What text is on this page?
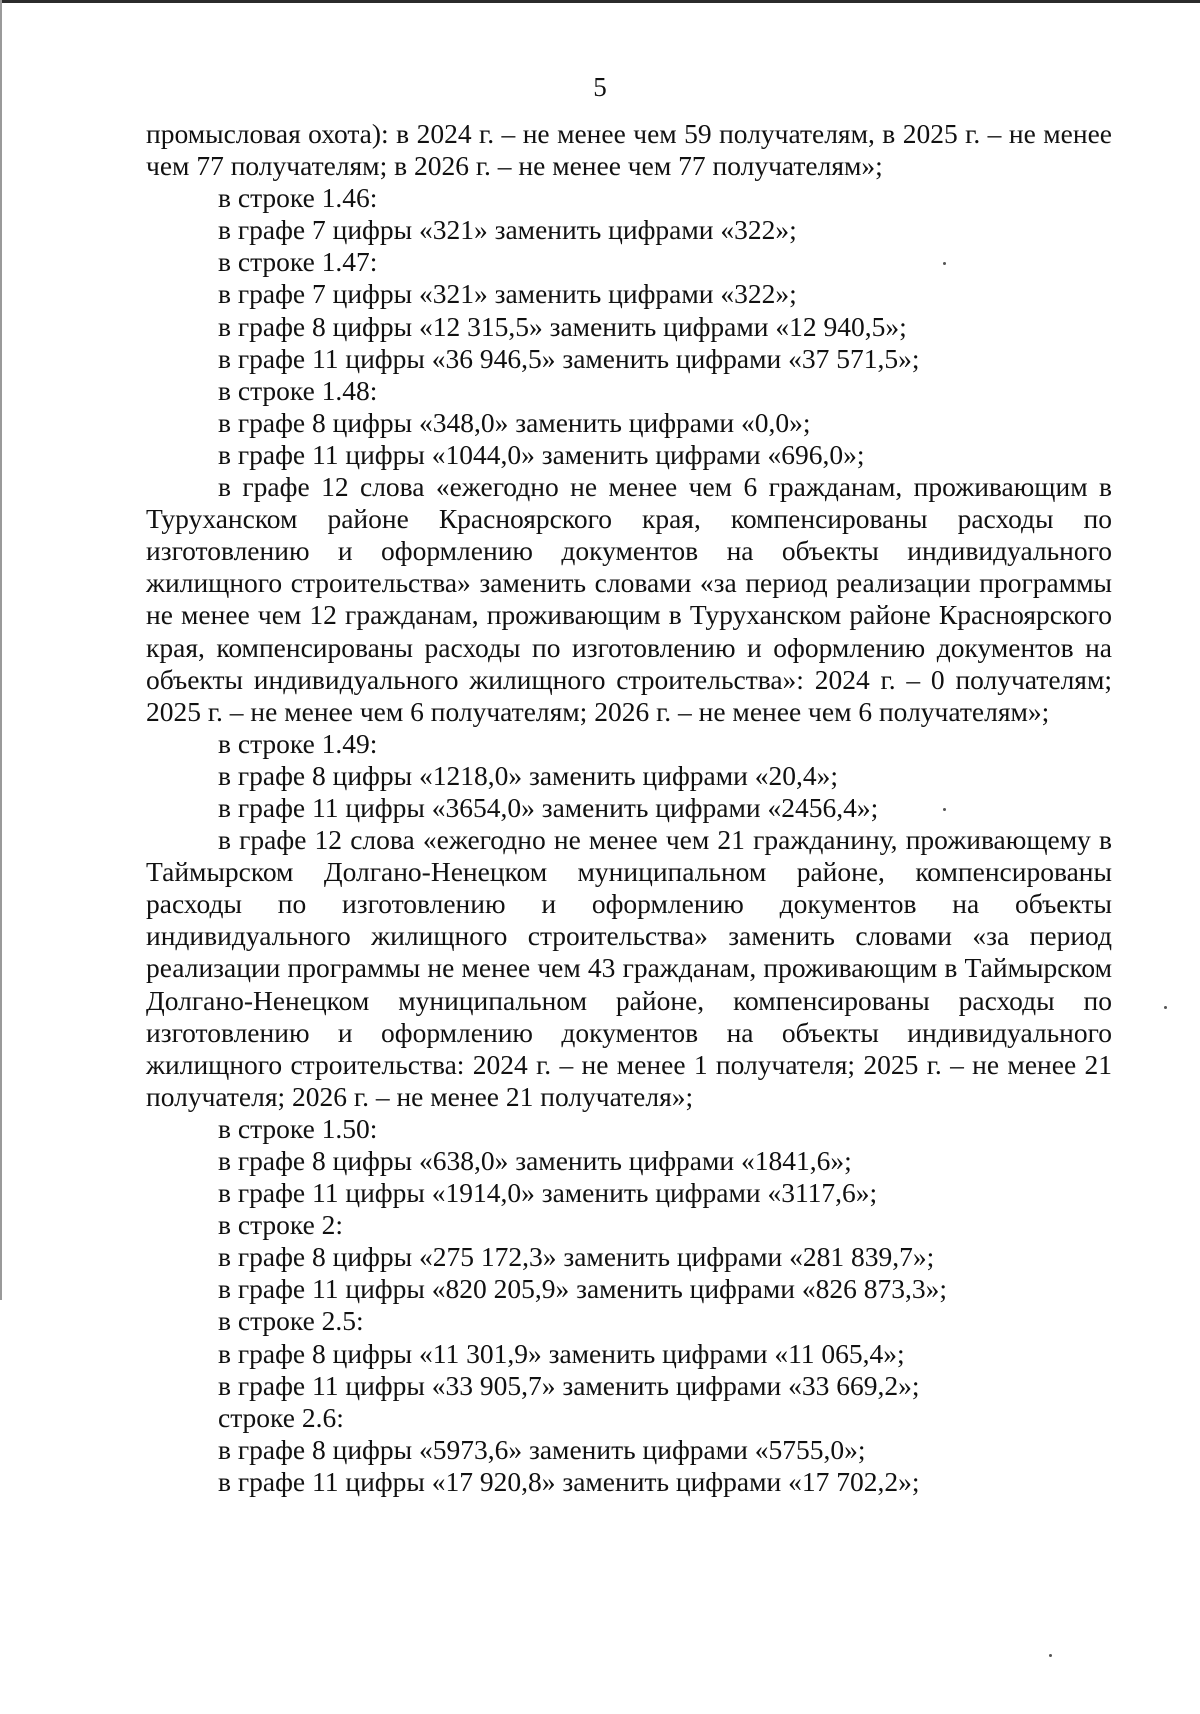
5

промысловая охота): в 2024 г. – не менее чем 59 получателям, в 2025 г. – не менее чем 77 получателям; в 2026 г. – не менее чем 77 получателям»;

в строке 1.46:

в графе 7 цифры «321» заменить цифрами «322»;

в строке 1.47:

в графе 7 цифры «321» заменить цифрами «322»;

в графе 8 цифры «12 315,5» заменить цифрами «12 940,5»;

в графе 11 цифры «36 946,5» заменить цифрами «37 571,5»;

в строке 1.48:

в графе 8 цифры «348,0» заменить цифрами «0,0»;

в графе 11 цифры «1044,0» заменить цифрами «696,0»;

в графе 12 слова «ежегодно не менее чем 6 гражданам, проживающим в Туруханском районе Красноярского края, компенсированы расходы по изготовлению и оформлению документов на объекты индивидуального жилищного строительства» заменить словами «за период реализации программы не менее чем 12 гражданам, проживающим в Туруханском районе Красноярского края, компенсированы расходы по изготовлению и оформлению документов на объекты индивидуального жилищного строительства»: 2024 г. – 0 получателям; 2025 г. – не менее чем 6 получателям; 2026 г. – не менее чем 6 получателям»;

в строке 1.49:

в графе 8 цифры «1218,0» заменить цифрами «20,4»;

в графе 11 цифры «3654,0» заменить цифрами «2456,4»;

в графе 12 слова «ежегодно не менее чем 21 гражданину, проживающему в Таймырском Долгано-Ненецком муниципальном районе, компенсированы расходы по изготовлению и оформлению документов на объекты индивидуального жилищного строительства» заменить словами «за период реализации программы не менее чем 43 гражданам, проживающим в Таймырском Долгано-Ненецком муниципальном районе, компенсированы расходы по изготовлению и оформлению документов на объекты индивидуального жилищного строительства: 2024 г. – не менее 1 получателя; 2025 г. – не менее 21 получателя; 2026 г. – не менее 21 получателя»;

в строке 1.50:

в графе 8 цифры «638,0» заменить цифрами «1841,6»;

в графе 11 цифры «1914,0» заменить цифрами «3117,6»;

в строке 2:

в графе 8 цифры «275 172,3» заменить цифрами «281 839,7»;

в графе 11 цифры «820 205,9» заменить цифрами «826 873,3»;

в строке 2.5:

в графе 8 цифры «11 301,9» заменить цифрами «11 065,4»;

в графе 11 цифры «33 905,7» заменить цифрами «33 669,2»;

строке 2.6:

в графе 8 цифры «5973,6» заменить цифрами «5755,0»;

в графе 11 цифры «17 920,8» заменить цифрами «17 702,2»;
